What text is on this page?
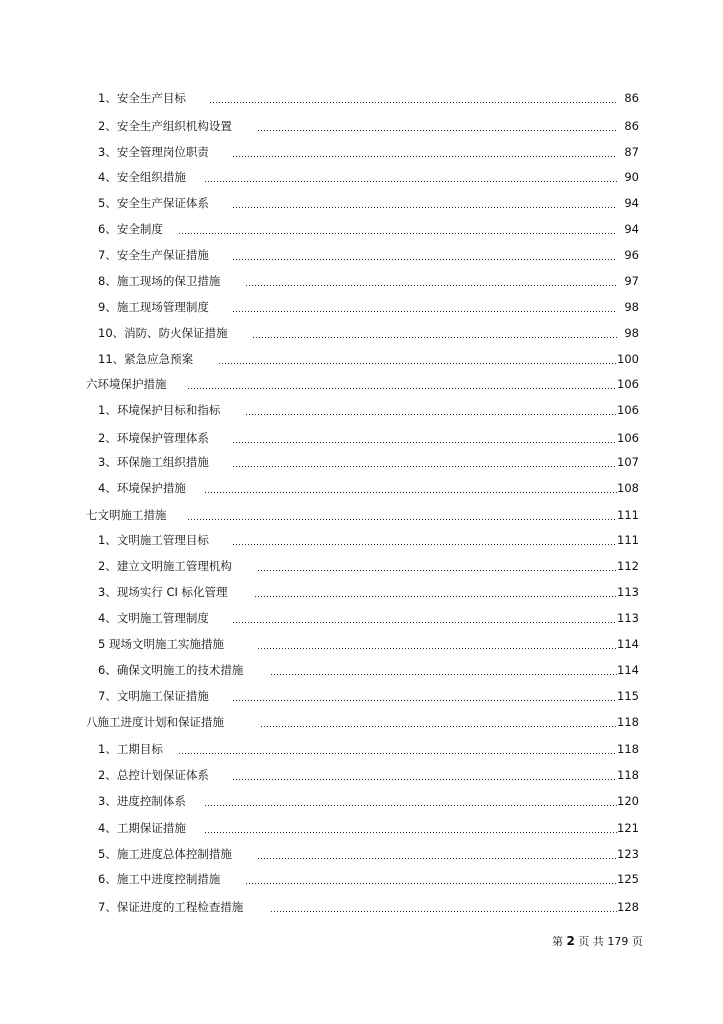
1、安全生产目标	86
2、安全生产组织机构设置	86
3、安全管理岗位职责	87
4、安全组织措施	90
5、安全生产保证体系	94
6、安全制度	94
7、安全生产保证措施	96
8、施工现场的保卫措施	97
9、施工现场管理制度	98
10、消防、防火保证措施	98
11、紧急应急预案	100
六环境保护措施	106
1、环境保护目标和指标	106
2、环境保护管理体系	106
3、环保施工组织措施	107
4、环境保护措施	108
七文明施工措施	111
1、文明施工管理目标	111
2、建立文明施工管理机构	112
3、现场实行 CI 标化管理	113
4、文明施工管理制度	113
5 现场文明施工实施措施	114
6、确保文明施工的技术措施	114
7、文明施工保证措施	115
八施工进度计划和保证措施	118
1、工期目标	118
2、总控计划保证体系	118
3、进度控制体系	120
4、工期保证措施	121
5、施工进度总体控制措施	123
6、施工中进度控制措施	125
7、保证进度的工程检查措施	128
第 2 页 共 179 页
